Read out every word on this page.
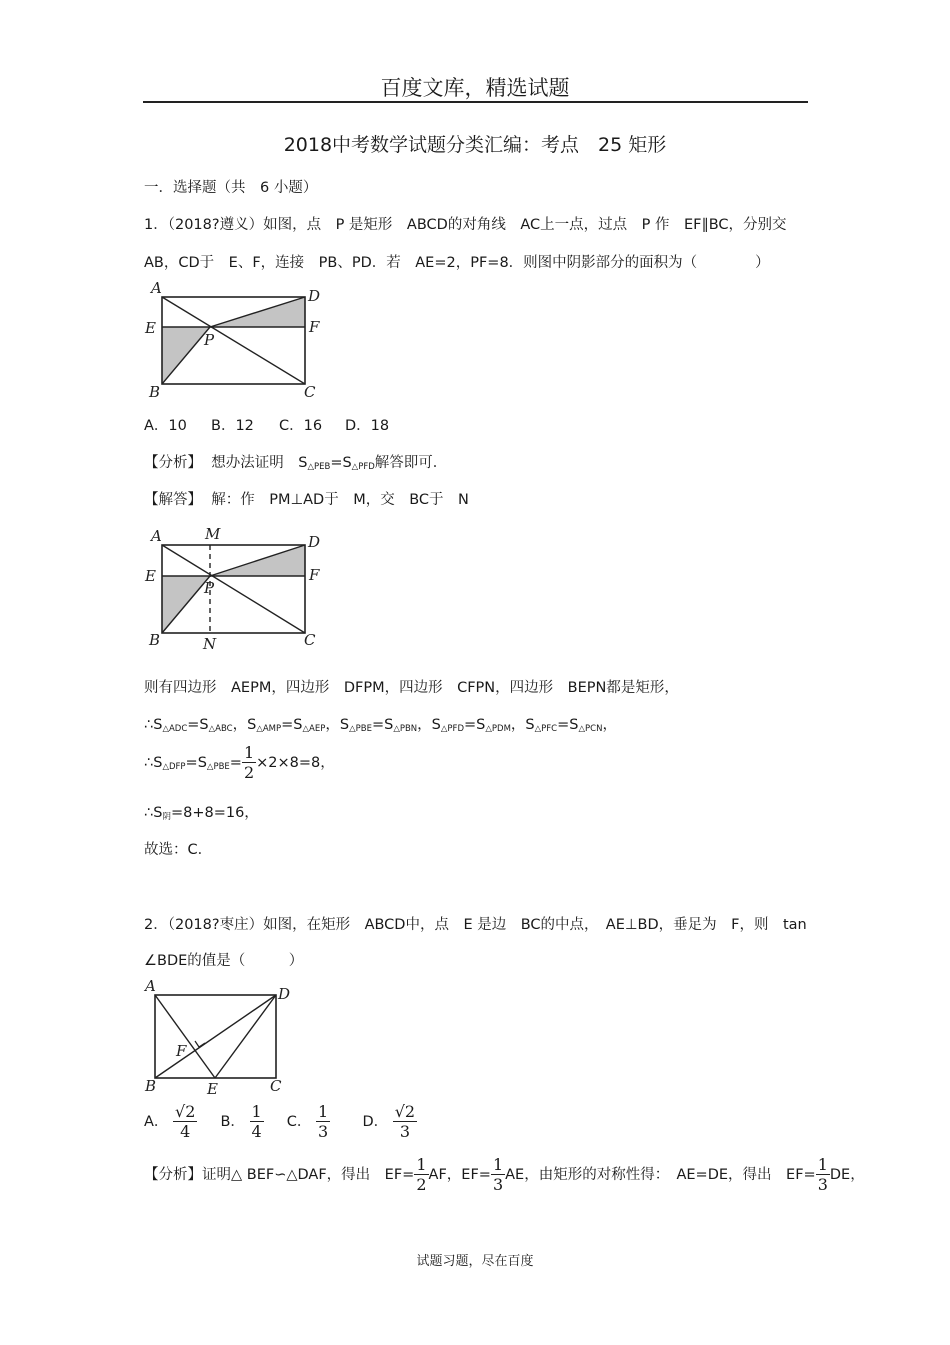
百度文库，精选试题
2018中考数学试题分类汇编：考点　25 矩形
一．选择题（共　6 小题）
1．（2018?遵义）如图，点　P 是矩形　ABCD的对角线　AC上一点，过点　P 作　EF∥BC，分别交
AB，CD于　E、F，连接　PB、PD．若　AE=2，PF=8．则图中阴影部分的面积为（　　　　）
A	D
E	F
P
B	C
A．10 B．12 C．16 D．18
【分析】 想办法证明　$S_{\triangle PEB}=S_{\triangle PFD}$解答即可．
【解答】 解：作　PM⊥AD于　M，交　BC于　N
A	M	D
E	F
P
B	N	C
则有四边形　AEPM，四边形　DFPM，四边形　CFPN，四边形　BEPN都是矩形，
$\therefore S_{\triangle ADC}=S_{\triangle ABC}$，$S_{\triangle AMP}=S_{\triangle AEP}$，$S_{\triangle PBE}=S_{\triangle PBN}$，$S_{\triangle PFD}=S_{\triangle PDM}$，$S_{\triangle PFC}=S_{\triangle PCN}$，
$\therefore S_{\triangle DFP}=S_{\triangle PBE}= \frac{1}{2} \times 2\times 8=8$，
$\therefore S_阴=8+8=16$，
故选：C．
2．（2018?枣庄）如图，在矩形　ABCD中，点　E 是边　BC的中点，　AE⊥BD，垂足为　F，则　tan
∠BDE的值是（　　　）
A	D
F
B	E	C
A． $\frac{√2}{4}$ B． $\frac{1}{4}$ C． $\frac{1}{3}$ D． $\frac{√2}{3}$
【分析】证明△ BEF∽△DAF，得出　$EF= \frac{1}{2}$ AF，$EF= \frac{1}{3}$ AE，由矩形的对称性得：　AE=DE，得出　$EF= \frac{1}{3}$ DE，
试题习题，尽在百度
